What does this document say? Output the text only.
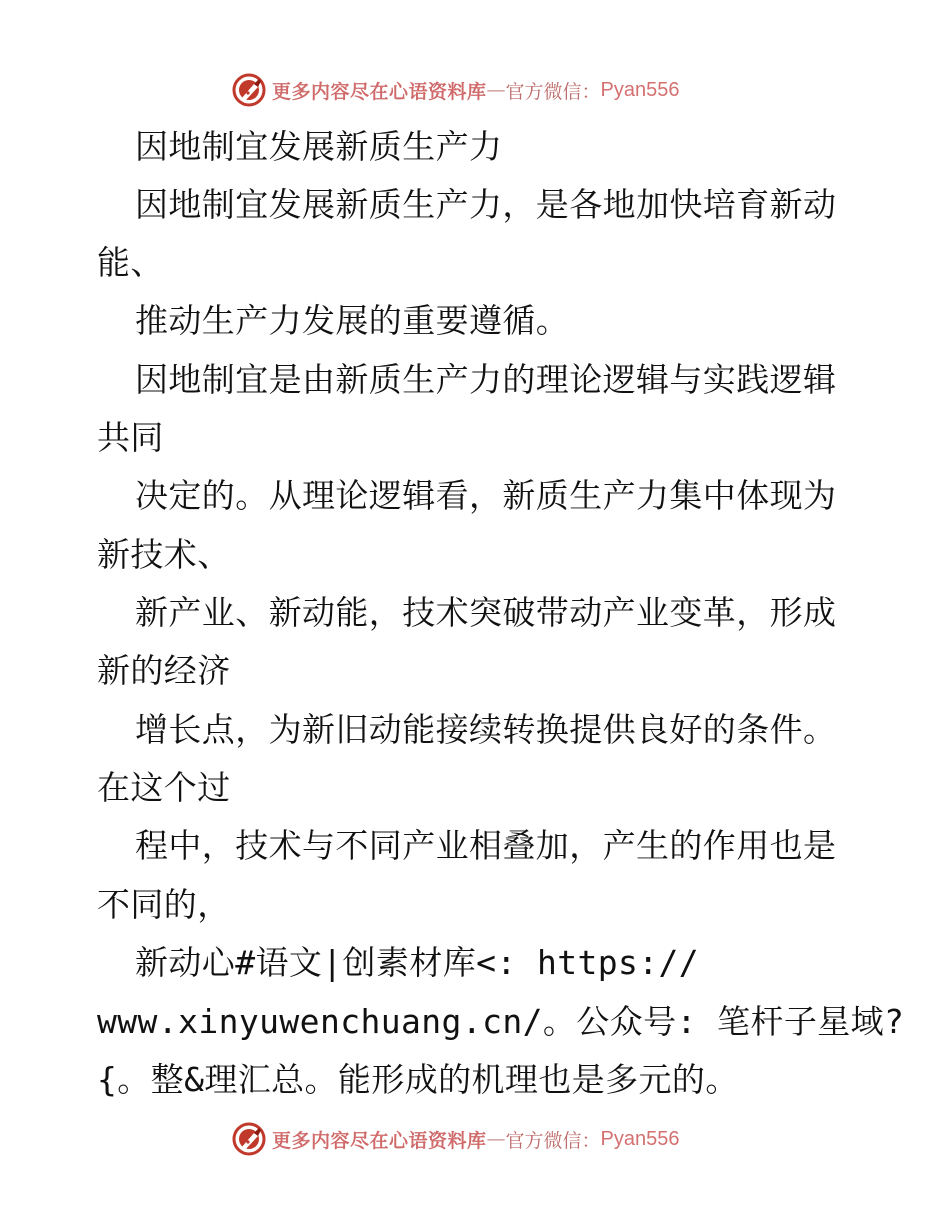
更多内容尽在心语资料库 — 官方微信： Pyan556
因地制宜发展新质生产力
因地制宜发展新质生产力，是各地加快培育新动
能、
推动生产力发展的重要遵循。
因地制宜是由新质生产力的理论逻辑与实践逻辑
共同
决定的。从理论逻辑看，新质生产力集中体现为
新技术、
新产业、新动能，技术突破带动产业变革，形成
新的经济
增长点，为新旧动能接续转换提供良好的条件。
在这个过
程中，技术与不同产业相叠加，产生的作用也是
不同的，
新动心#语文|创素材库<: https://
www.xinyuwenchuang.cn/。公众号: 笔杆子星域?
{。整&理汇总。能形成的机理也是多元的。
更多内容尽在心语资料库 — 官方微信： Pyan556
